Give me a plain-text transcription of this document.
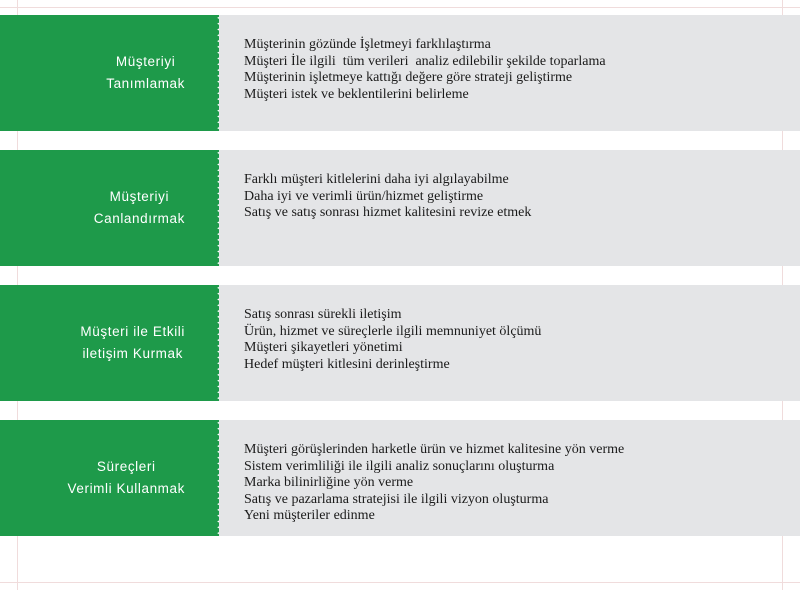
Müşteriyi
Tanımlamak
Müşterinin gözünde İşletmeyi farklılaştırma
Müşteri İle ilgili  tüm verileri  analiz edilebilir şekilde toparlama
Müşterinin işletmeye kattığı değere göre strateji geliştirme
Müşteri istek ve beklentilerini belirleme
Müşteriyi
Canlandırmak
Farklı müşteri kitlelerini daha iyi algılayabilme
Daha iyi ve verimli ürün/hizmet geliştirme
Satış ve satış sonrası hizmet kalitesini revize etmek
Müşteri ile Etkili
iletişim Kurmak
Satış sonrası sürekli iletişim
Ürün, hizmet ve süreçlerle ilgili memnuniyet ölçümü
Müşteri şikayetleri yönetimi
Hedef müşteri kitlesini derinleştirme
Süreçleri
Verimli Kullanmak
Müşteri görüşlerinden harketle ürün ve hizmet kalitesine yön verme
Sistem verimliliği ile ilgili analiz sonuçlarını oluşturma
Marka bilinirliğine yön verme
Satış ve pazarlama stratejisi ile ilgili vizyon oluşturma
Yeni müşteriler edinme
